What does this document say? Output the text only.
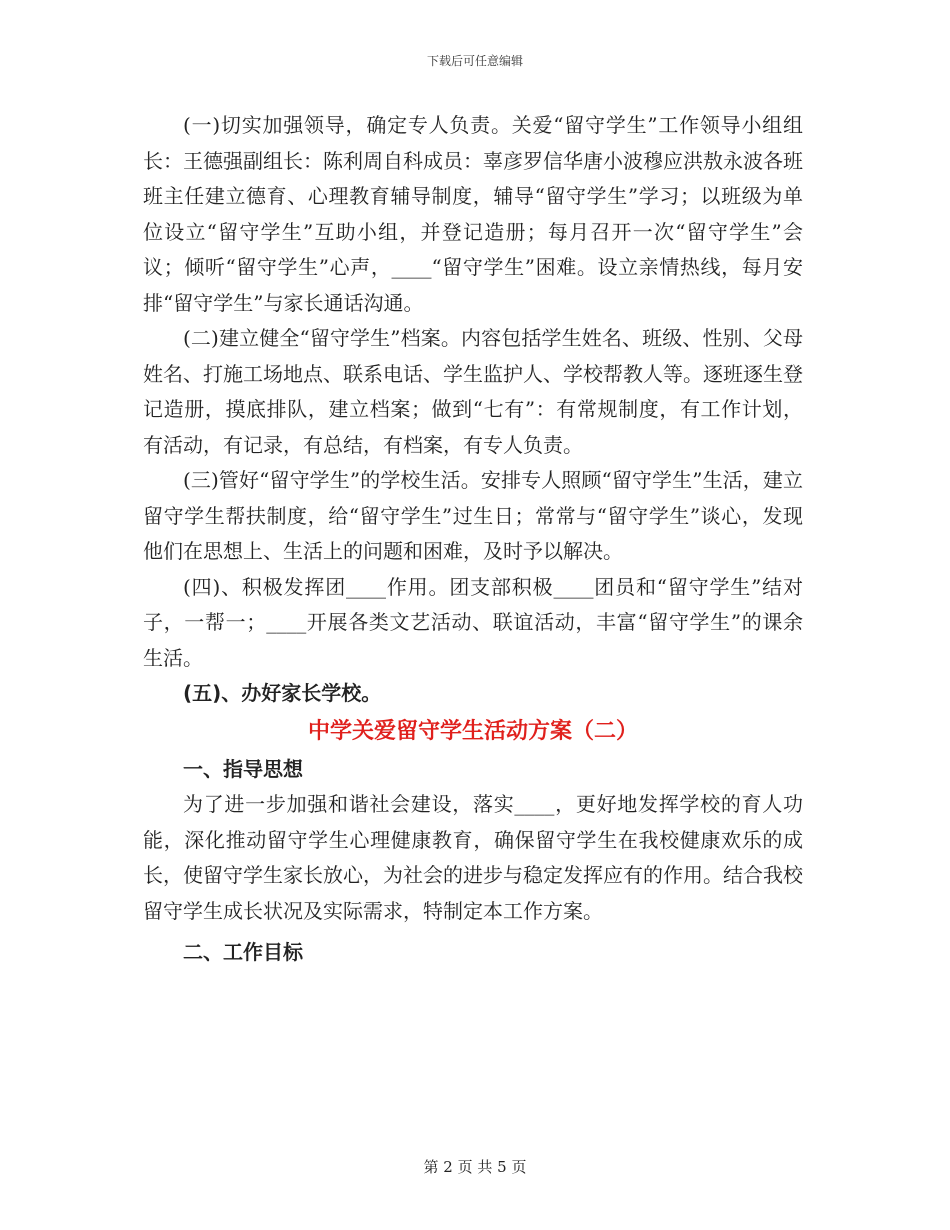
下载后可任意编辑

(一)切实加强领导，确定专人负责。关爱“留守学生”工作领导小组组长：王德强副组长：陈利周自科成员：辜彦罗信华唐小波穆应洪敖永波各班班主任建立德育、心理教育辅导制度，辅导“留守学生”学习；以班级为单位设立“留守学生”互助小组，并登记造册；每月召开一次“留守学生”会议；倾听“留守学生”心声，____“留守学生”困难。设立亲情热线，每月安排“留守学生”与家长通话沟通。

(二)建立健全“留守学生”档案。内容包括学生姓名、班级、性别、父母姓名、打施工场地点、联系电话、学生监护人、学校帮教人等。逐班逐生登记造册，摸底排队，建立档案；做到“七有”：有常规制度，有工作计划，有活动，有记录，有总结，有档案，有专人负责。

(三)管好“留守学生”的学校生活。安排专人照顾“留守学生”生活，建立留守学生帮扶制度，给“留守学生”过生日；常常与“留守学生”谈心，发现他们在思想上、生活上的问题和困难，及时予以解决。

(四)、积极发挥团____作用。团支部积极____团员和“留守学生”结对子，一帮一；____开展各类文艺活动、联谊活动，丰富“留守学生”的课余生活。

(五)、办好家长学校。

中学关爱留守学生活动方案（二）

一、指导思想

为了进一步加强和谐社会建设，落实____，更好地发挥学校的育人功能，深化推动留守学生心理健康教育，确保留守学生在我校健康欢乐的成长，使留守学生家长放心，为社会的进步与稳定发挥应有的作用。结合我校留守学生成长状况及实际需求，特制定本工作方案。

二、工作目标

第 2 页 共 5 页
